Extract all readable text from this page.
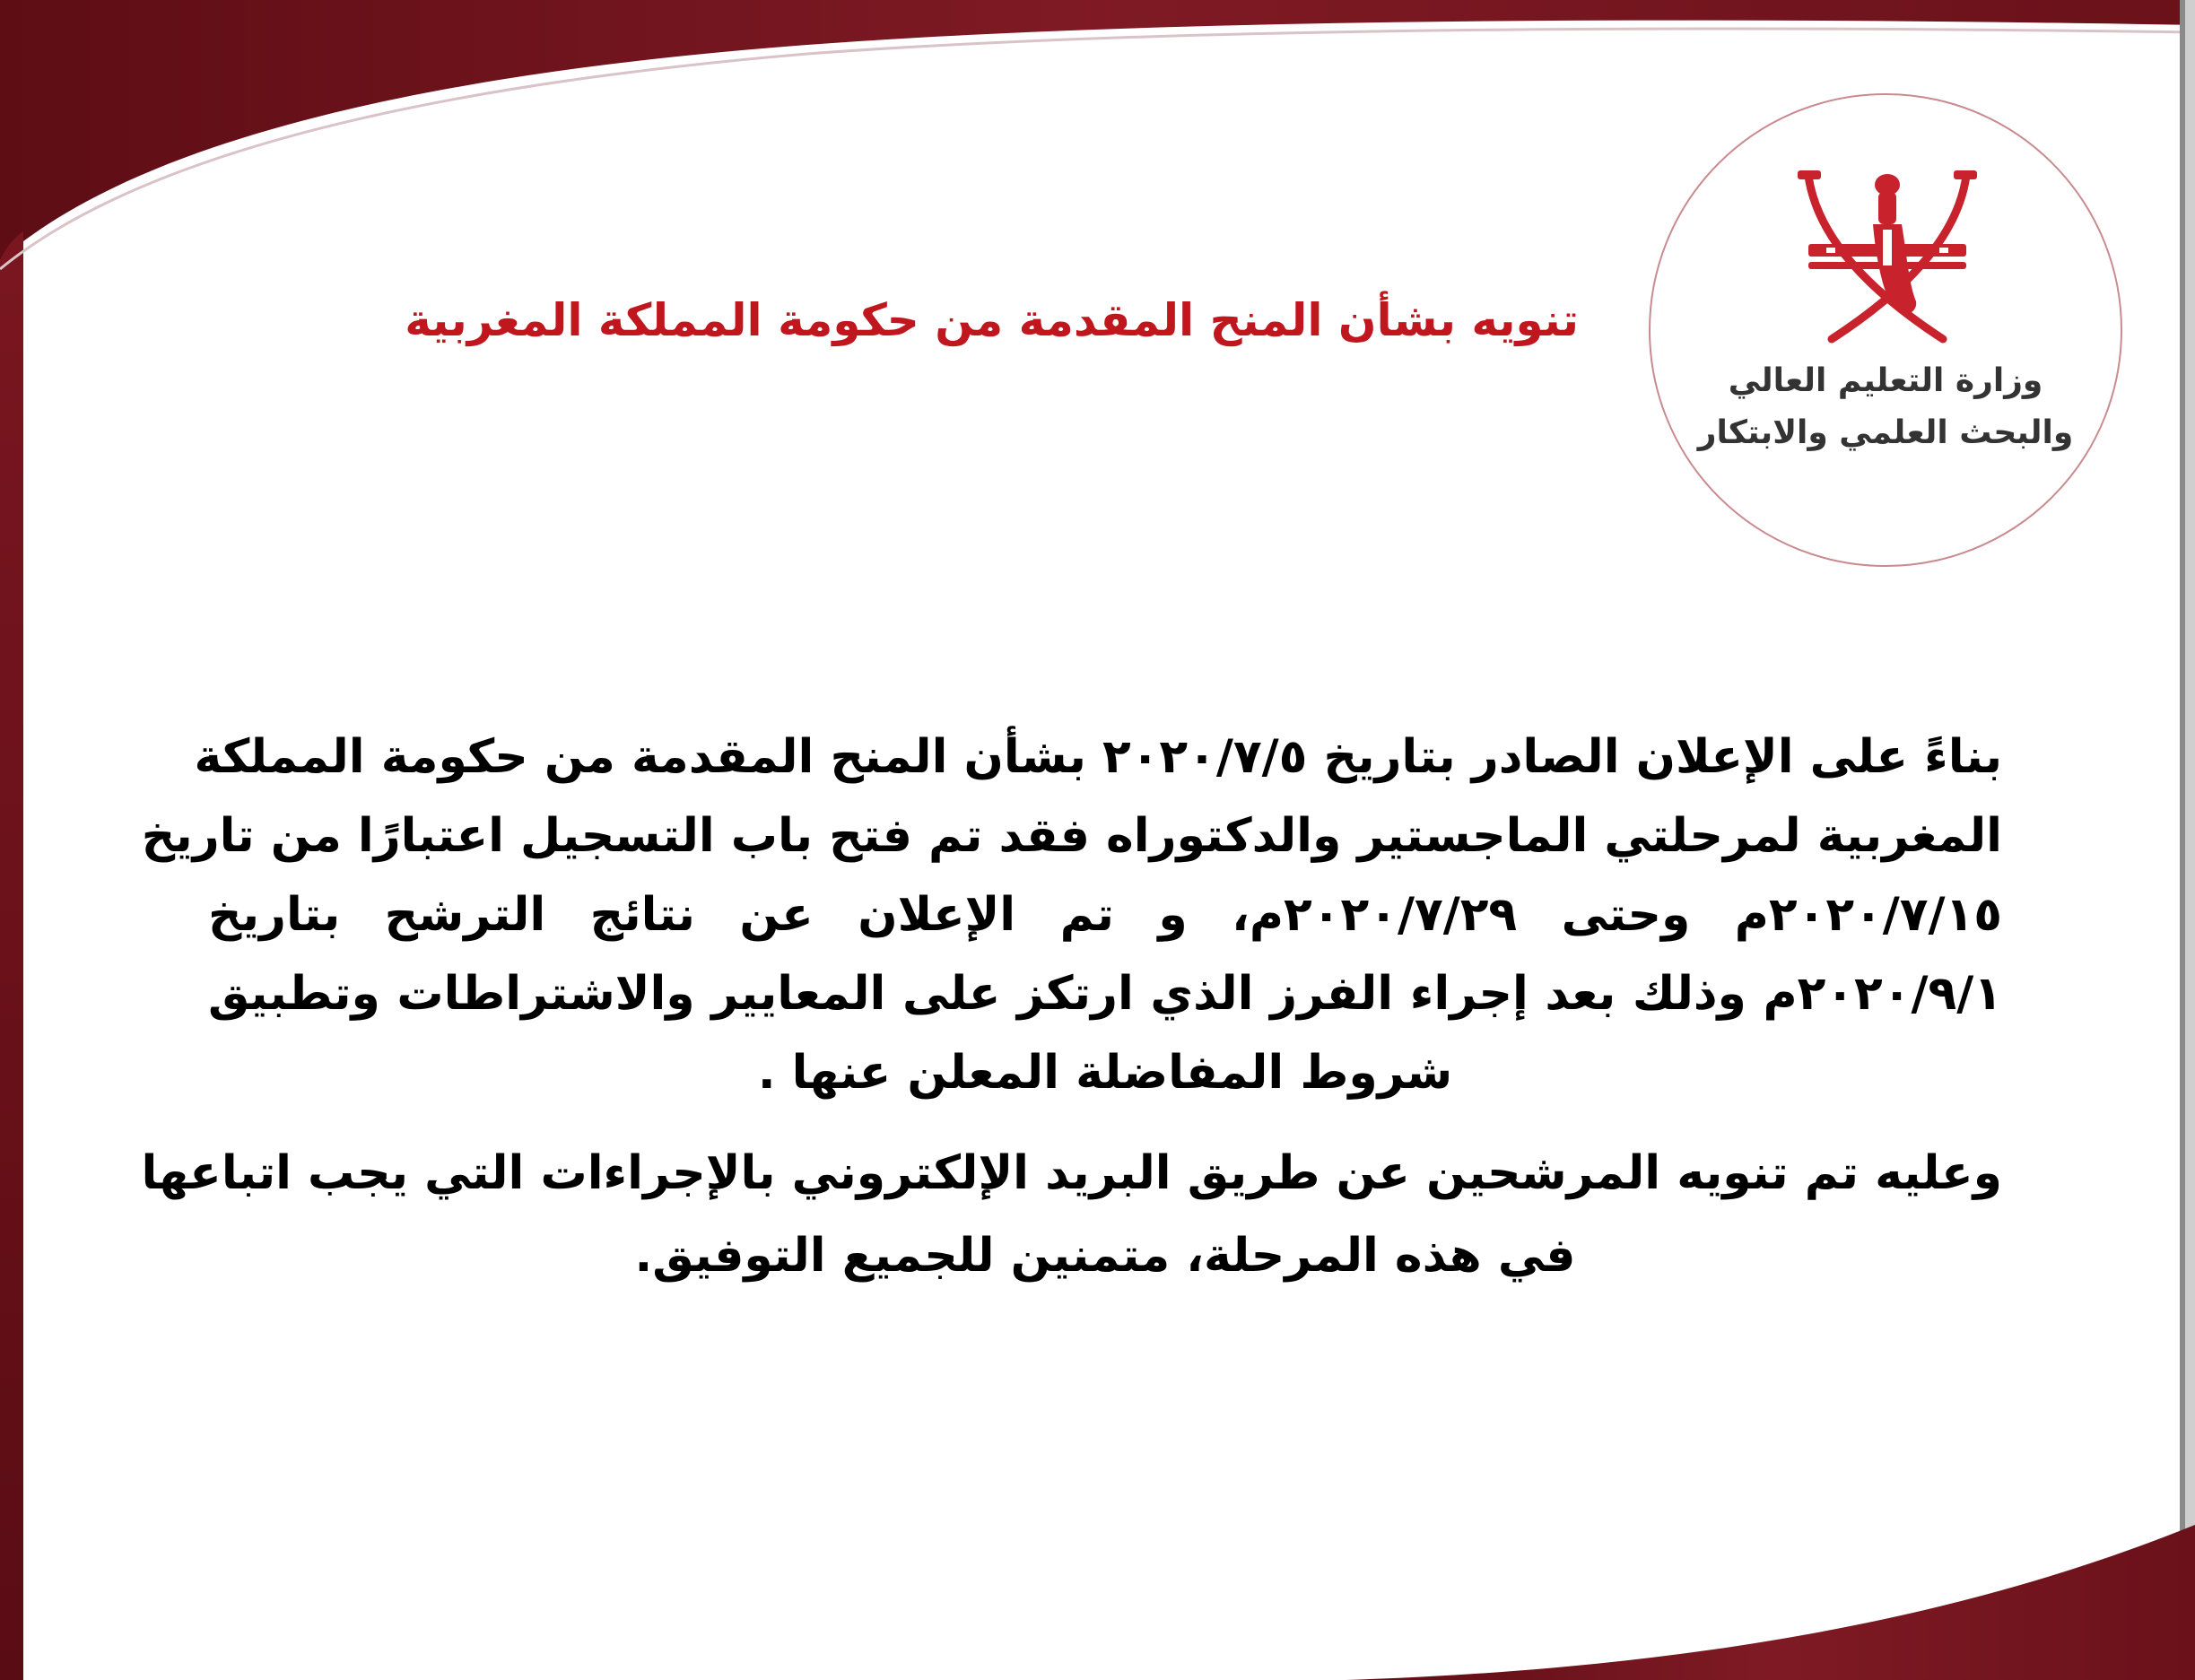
وزارة التعليم العالي
والبحث العلمي والابتكار
تنويه بشأن المنح المقدمة من حكومة المملكة المغربية
بناءً على الإعلان الصادر بتاريخ ٢٠٢٠/٧/٥ بشأن المنح المقدمة من حكومة المملكة
المغربية لمرحلتي الماجستير والدكتوراه فقد تم فتح باب التسجيل اعتبارًا من تاريخ
٢٠٢٠/٧/١٥م وحتى ٢٠٢٠/٧/٢٩م، و تم الإعلان عن نتائج الترشح بتاريخ
٢٠٢٠/٩/١م وذلك بعد إجراء الفرز الذي ارتكز على المعايير والاشتراطات وتطبيق
شروط المفاضلة المعلن عنها .
وعليه تم تنويه المرشحين عن طريق البريد الإلكتروني بالإجراءات التي يجب اتباعها
في هذه المرحلة، متمنين للجميع التوفيق.
